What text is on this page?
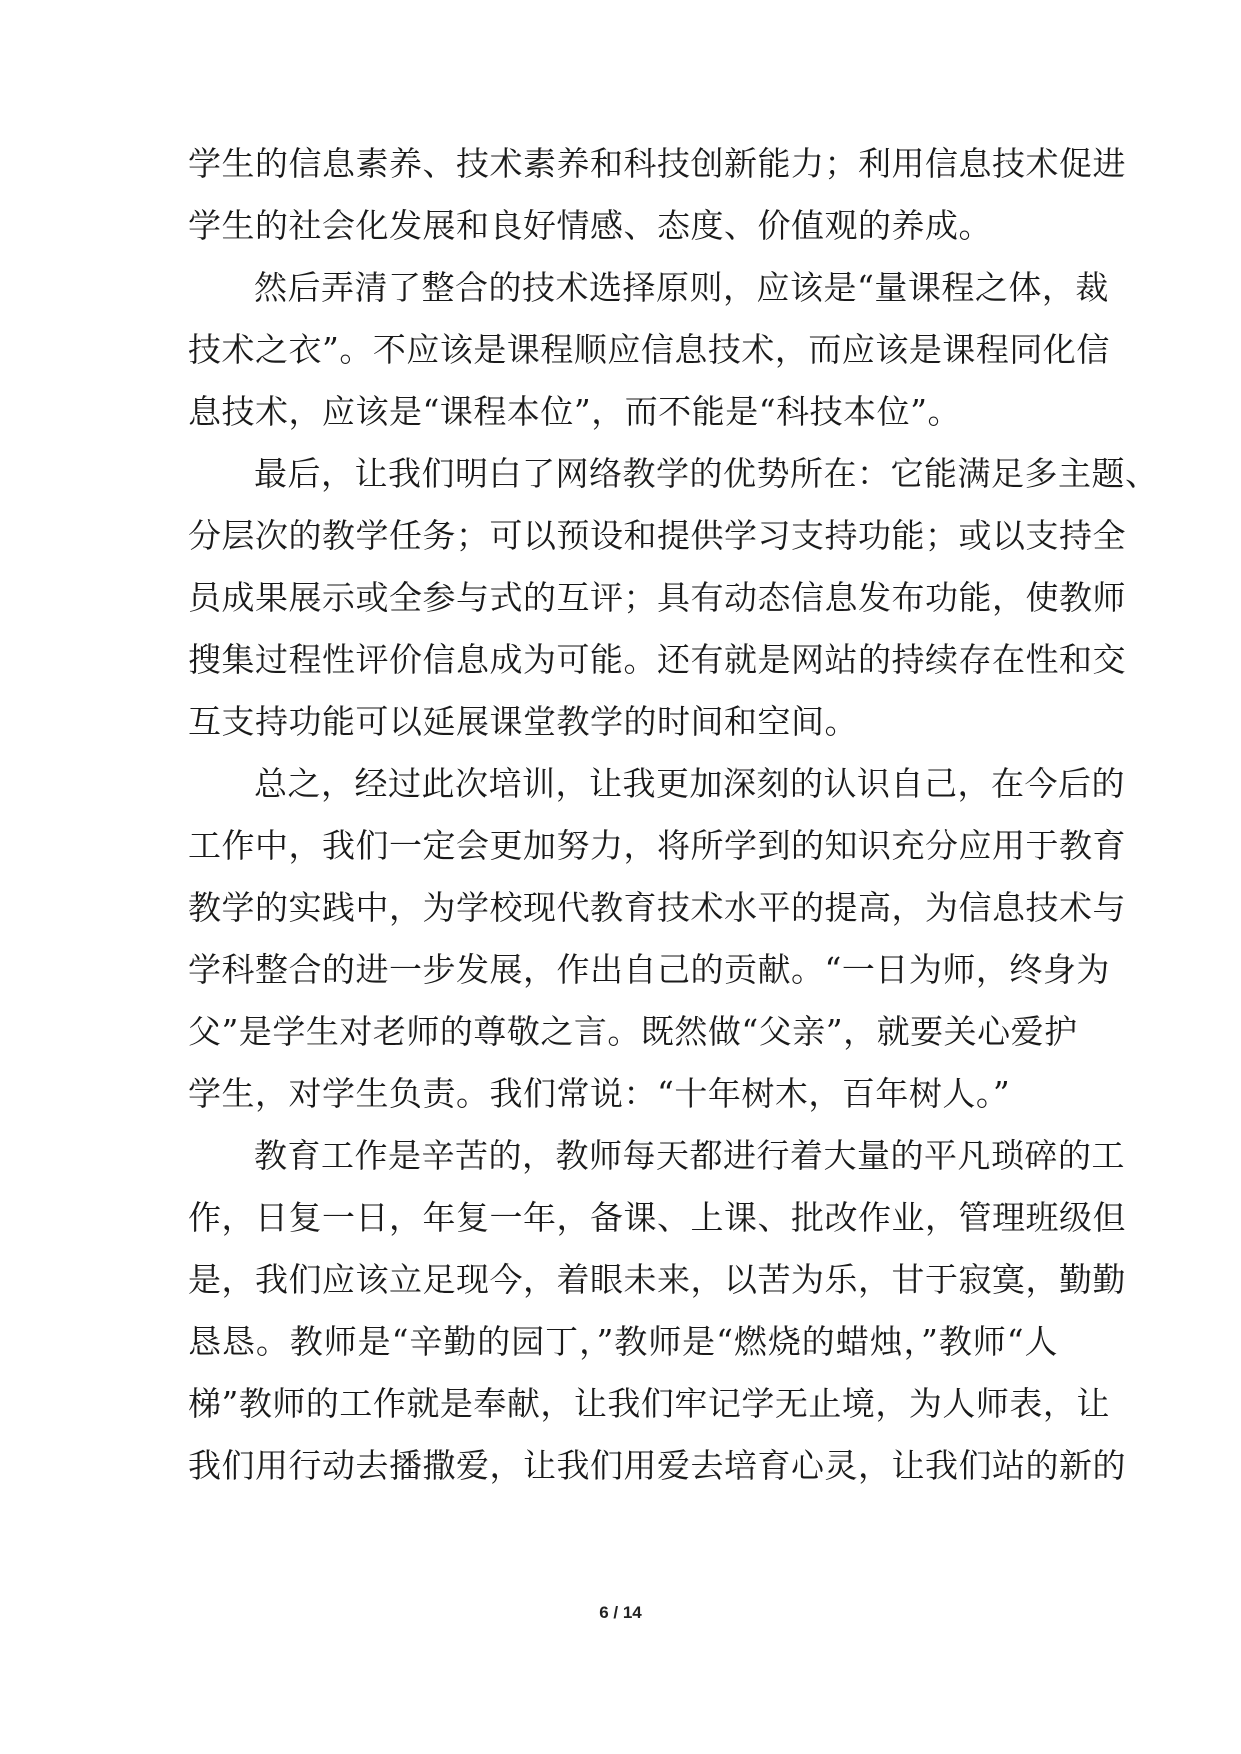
学生的信息素养、技术素养和科技创新能力；利用信息技术促进
学生的社会化发展和良好情感、态度、价值观的养成。
然后弄清了整合的技术选择原则，应该是“量课程之体，裁
技术之衣”。不应该是课程顺应信息技术，而应该是课程同化信
息技术，应该是“课程本位”，而不能是“科技本位”。
最后，让我们明白了网络教学的优势所在：它能满足多主题、
分层次的教学任务；可以预设和提供学习支持功能；或以支持全
员成果展示或全参与式的互评；具有动态信息发布功能，使教师
搜集过程性评价信息成为可能。还有就是网站的持续存在性和交
互支持功能可以延展课堂教学的时间和空间。
总之，经过此次培训，让我更加深刻的认识自己，在今后的
工作中，我们一定会更加努力，将所学到的知识充分应用于教育
教学的实践中，为学校现代教育技术水平的提高，为信息技术与
学科整合的进一步发展，作出自己的贡献。“一日为师，终身为
父”是学生对老师的尊敬之言。既然做“父亲”，就要关心爱护
学生，对学生负责。我们常说：“十年树木，百年树人。”
教育工作是辛苦的，教师每天都进行着大量的平凡琐碎的工
作，日复一日，年复一年，备课、上课、批改作业，管理班级但
是，我们应该立足现今，着眼未来，以苦为乐，甘于寂寞，勤勤
恳恳。教师是“辛勤的园丁，”教师是“燃烧的蜡烛，”教师“人
梯”教师的工作就是奉献，让我们牢记学无止境，为人师表，让
我们用行动去播撒爱，让我们用爱去培育心灵，让我们站的新的
6 / 14
